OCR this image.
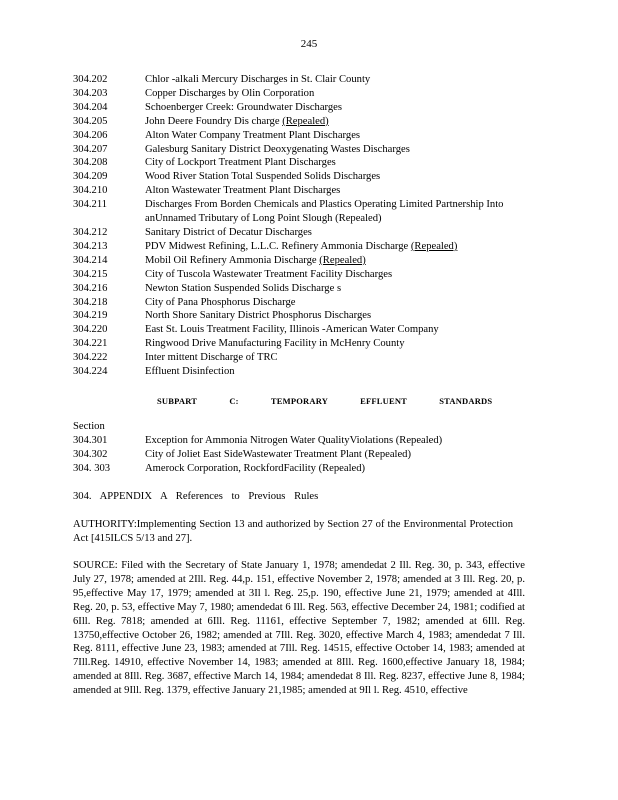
245
304.202	Chlor -alkali Mercury Discharges in St. Clair County
304.203	Copper Discharges by Olin Corporation
304.204	Schoenberger Creek: Groundwater Discharges
304.205	John Deere Foundry Dis charge (Repealed)
304.206	Alton Water Company Treatment Plant Discharges
304.207	Galesburg Sanitary District Deoxygenating Wastes Discharges
304.208	City of Lockport Treatment Plant Discharges
304.209	Wood River Station Total Suspended Solids Discharges
304.210	Alton Wastewater Treatment Plant Discharges
304.211	Discharges From Borden Chemicals and Plastics Operating Limited Partnership Into anUnnamed Tributary of Long Point Slough (Repealed)
304.212	Sanitary District of Decatur Discharges
304.213	PDV Midwest Refining, L.L.C. Refinery Ammonia Discharge (Repealed)
304.214	Mobil Oil Refinery Ammonia Discharge (Repealed)
304.215	City of Tuscola Wastewater Treatment Facility Discharges
304.216	Newton Station Suspended Solids Discharge s
304.218	City of Pana Phosphorus Discharge
304.219	North Shore Sanitary District Phosphorus Discharges
304.220	East St. Louis Treatment Facility, Illinois -American Water Company
304.221	Ringwood Drive Manufacturing Facility in McHenry County
304.222	Inter mittent Discharge of TRC
304.224	Effluent Disinfection
SUBPART C: TEMPORARY EFFLUENT STANDARDS
Section
304.301	Exception for Ammonia Nitrogen Water QualityViolations (Repealed)
304.302	City of Joliet East SideWastewater Treatment Plant (Repealed)
304. 303	Amerock Corporation, RockfordFacility (Repealed)
304. APPENDIX A References to Previous Rules
AUTHORITY:Implementing Section 13 and authorized by Section 27 of the Environmental Protection Act [415ILCS 5/13 and 27].
SOURCE: Filed with the Secretary of State January 1, 1978; amendedat 2 Ill. Reg. 30, p. 343, effective July 27, 1978; amended at 2Ill. Reg. 44,p. 151, effective November 2, 1978; amended at 3 Ill. Reg. 20, p. 95,effective May 17, 1979; amended at 3Il l. Reg. 25,p. 190, effective June 21, 1979; amended at 4Ill. Reg. 20, p. 53, effective May 7, 1980; amendedat 6 Ill. Reg. 563, effective December 24, 1981; codified at 6Ill. Reg. 7818; amended at 6Ill. Reg. 11161, effective September 7, 1982; amended at 6Ill. Reg. 13750,effective October 26, 1982; amended at 7Ill. Reg. 3020, effective March 4, 1983; amendedat 7 Ill. Reg. 8111, effective June 23, 1983; amended at 7Ill. Reg. 14515, effective October 14, 1983; amended at 7Ill.Reg. 14910, effective November 14, 1983; amended at 8Ill. Reg. 1600,effective January 18, 1984; amended at 8Ill. Reg. 3687, effective March 14, 1984; amendedat 8 Ill. Reg. 8237, effective June 8, 1984; amended at 9Ill. Reg. 1379, effective January 21,1985; amended at 9Il l. Reg. 4510, effective
